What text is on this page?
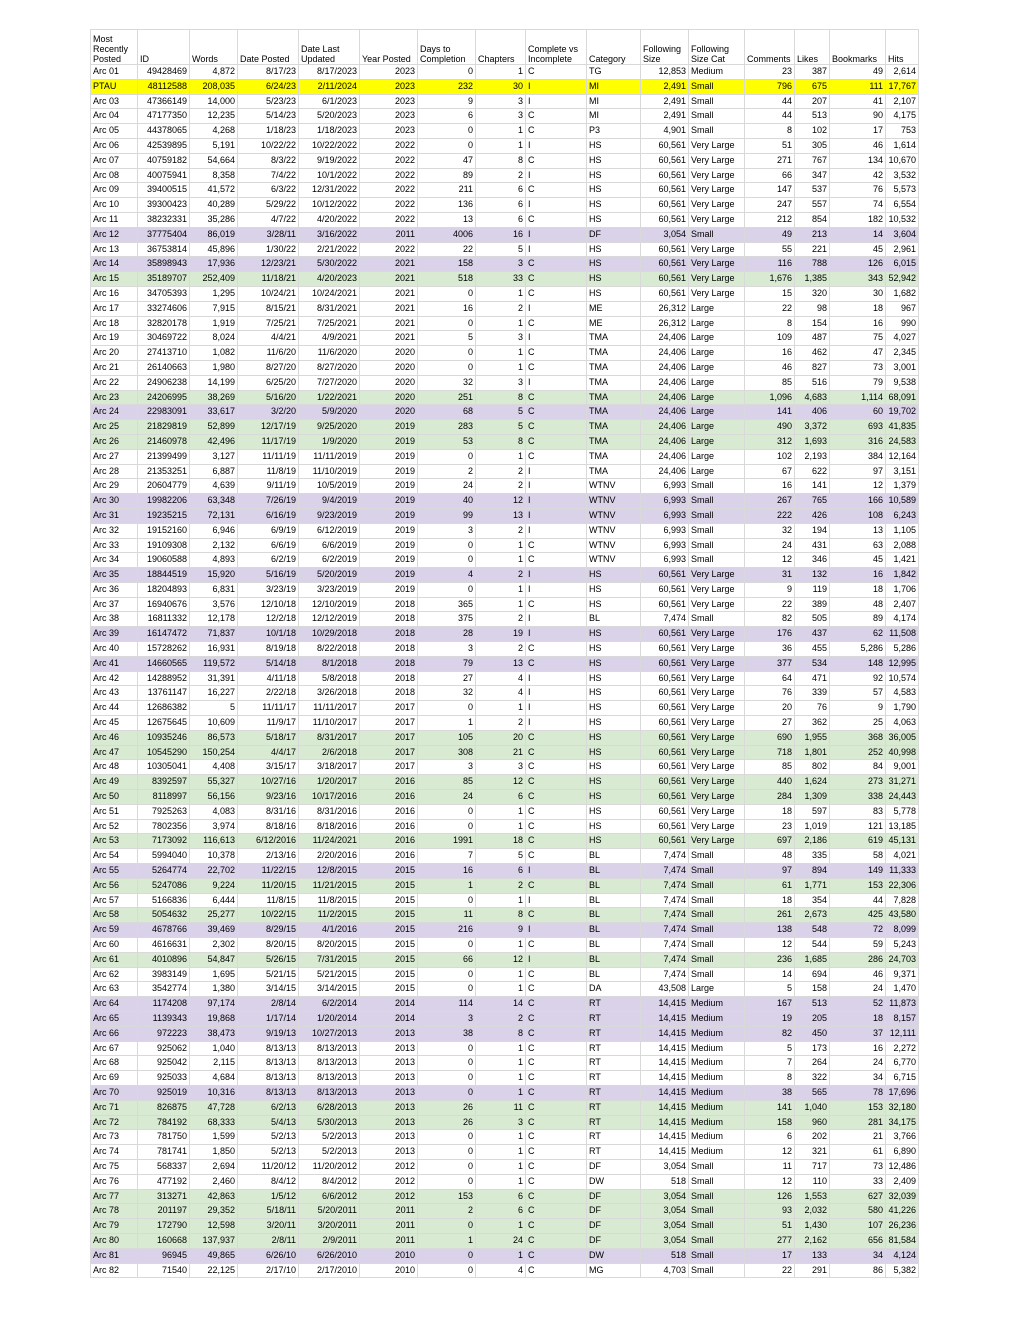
Most Recently Posted	ID	Words	Date Posted	Date Last Updated	Year Posted	Days to Completion	Chapters	Complete vs Incomplete	Category	Following Size	Following Size Cat	Comments	Likes	Bookmarks	Hits
Arc 01	49428469	4,872	8/17/23	8/17/2023	2023	0	1	C	TG	12,853	Medium	23	387	49	2,614
PTAU	48112588	208,035	6/24/23	2/11/2024	2023	232	30	I	MI	2,491	Small	796	675	111	17,767
Arc 03	47366149	14,000	5/23/23	6/1/2023	2023	9	3	I	MI	2,491	Small	44	207	41	2,107
Arc 04	47177350	12,235	5/14/23	5/20/2023	2023	6	3	C	MI	2,491	Small	44	513	90	4,175
Arc 05	44378065	4,268	1/18/23	1/18/2023	2023	0	1	C	P3	4,901	Small	8	102	17	753
Arc 06	42539895	5,191	10/22/22	10/22/2022	2022	0	1	I	HS	60,561	Very Large	51	305	46	1,614
Arc 07	40759182	54,664	8/3/22	9/19/2022	2022	47	8	C	HS	60,561	Very Large	271	767	134	10,670
Arc 08	40075941	8,358	7/4/22	10/1/2022	2022	89	2	I	HS	60,561	Very Large	66	347	42	3,532
Arc 09	39400515	41,572	6/3/22	12/31/2022	2022	211	6	C	HS	60,561	Very Large	147	537	76	5,573
Arc 10	39300423	40,289	5/29/22	10/12/2022	2022	136	6	I	HS	60,561	Very Large	247	557	74	6,554
Arc 11	38232331	35,286	4/7/22	4/20/2022	2022	13	6	C	HS	60,561	Very Large	212	854	182	10,532
Arc 12	37775404	86,019	3/28/11	3/16/2022	2011	4006	16	I	DF	3,054	Small	49	213	14	3,604
Arc 13	36753814	45,896	1/30/22	2/21/2022	2022	22	5	I	HS	60,561	Very Large	55	221	45	2,961
Arc 14	35898943	17,936	12/23/21	5/30/2022	2021	158	3	C	HS	60,561	Very Large	116	788	126	6,015
Arc 15	35189707	252,409	11/18/21	4/20/2023	2021	518	33	C	HS	60,561	Very Large	1,676	1,385	343	52,942
Arc 16	34705393	1,295	10/24/21	10/24/2021	2021	0	1	C	HS	60,561	Very Large	15	320	30	1,682
Arc 17	33274606	7,915	8/15/21	8/31/2021	2021	16	2	I	ME	26,312	Large	22	98	18	967
Arc 18	32820178	1,919	7/25/21	7/25/2021	2021	0	1	C	ME	26,312	Large	8	154	16	990
Arc 19	30469722	8,024	4/4/21	4/9/2021	2021	5	3	I	TMA	24,406	Large	109	487	75	4,027
Arc 20	27413710	1,082	11/6/20	11/6/2020	2020	0	1	C	TMA	24,406	Large	16	462	47	2,345
Arc 21	26140663	1,980	8/27/20	8/27/2020	2020	0	1	C	TMA	24,406	Large	46	827	73	3,001
Arc 22	24906238	14,199	6/25/20	7/27/2020	2020	32	3	I	TMA	24,406	Large	85	516	79	9,538
Arc 23	24206995	38,269	5/16/20	1/22/2021	2020	251	8	C	TMA	24,406	Large	1,096	4,683	1,114	68,091
Arc 24	22983091	33,617	3/2/20	5/9/2020	2020	68	5	C	TMA	24,406	Large	141	406	60	19,702
Arc 25	21829819	52,899	12/17/19	9/25/2020	2019	283	5	C	TMA	24,406	Large	490	3,372	693	41,835
Arc 26	21460978	42,496	11/17/19	1/9/2020	2019	53	8	C	TMA	24,406	Large	312	1,693	316	24,583
Arc 27	21399499	3,127	11/11/19	11/11/2019	2019	0	1	C	TMA	24,406	Large	102	2,193	384	12,164
Arc 28	21353251	6,887	11/8/19	11/10/2019	2019	2	2	I	TMA	24,406	Large	67	622	97	3,151
Arc 29	20604779	4,639	9/11/19	10/5/2019	2019	24	2	I	WTNV	6,993	Small	16	141	12	1,379
Arc 30	19982206	63,348	7/26/19	9/4/2019	2019	40	12	I	WTNV	6,993	Small	267	765	166	10,589
Arc 31	19235215	72,131	6/16/19	9/23/2019	2019	99	13	I	WTNV	6,993	Small	222	426	108	6,243
Arc 32	19152160	6,946	6/9/19	6/12/2019	2019	3	2	I	WTNV	6,993	Small	32	194	13	1,105
Arc 33	19109308	2,132	6/6/19	6/6/2019	2019	0	1	C	WTNV	6,993	Small	24	431	63	2,088
Arc 34	19060588	4,893	6/2/19	6/2/2019	2019	0	1	C	WTNV	6,993	Small	12	346	45	1,421
Arc 35	18844519	15,920	5/16/19	5/20/2019	2019	4	2	I	HS	60,561	Very Large	31	132	16	1,842
Arc 36	18204893	6,831	3/23/19	3/23/2019	2019	0	1	I	HS	60,561	Very Large	9	119	18	1,706
Arc 37	16940676	3,576	12/10/18	12/10/2019	2018	365	1	C	HS	60,561	Very Large	22	389	48	2,407
Arc 38	16811332	12,178	12/2/18	12/12/2019	2018	375	2	I	BL	7,474	Small	82	505	89	4,174
Arc 39	16147472	71,837	10/1/18	10/29/2018	2018	28	19	I	HS	60,561	Very Large	176	437	62	11,508
Arc 40	15728262	16,931	8/19/18	8/22/2018	2018	3	2	C	HS	60,561	Very Large	36	455	5,286	5,286
Arc 41	14660565	119,572	5/14/18	8/1/2018	2018	79	13	C	HS	60,561	Very Large	377	534	148	12,995
Arc 42	14288952	31,391	4/11/18	5/8/2018	2018	27	4	I	HS	60,561	Very Large	64	471	92	10,574
Arc 43	13761147	16,227	2/22/18	3/26/2018	2018	32	4	I	HS	60,561	Very Large	76	339	57	4,583
Arc 44	12686382	5	11/11/17	11/11/2017	2017	0	1	I	HS	60,561	Very Large	20	76	9	1,790
Arc 45	12675645	10,609	11/9/17	11/10/2017	2017	1	2	I	HS	60,561	Very Large	27	362	25	4,063
Arc 46	10935246	86,573	5/18/17	8/31/2017	2017	105	20	C	HS	60,561	Very Large	690	1,955	368	36,005
Arc 47	10545290	150,254	4/4/17	2/6/2018	2017	308	21	C	HS	60,561	Very Large	718	1,801	252	40,998
Arc 48	10305041	4,408	3/15/17	3/18/2017	2017	3	3	C	HS	60,561	Very Large	85	802	84	9,001
Arc 49	8392597	55,327	10/27/16	1/20/2017	2016	85	12	C	HS	60,561	Very Large	440	1,624	273	31,271
Arc 50	8118997	56,156	9/23/16	10/17/2016	2016	24	6	C	HS	60,561	Very Large	284	1,309	338	24,443
Arc 51	7925263	4,083	8/31/16	8/31/2016	2016	0	1	C	HS	60,561	Very Large	18	597	83	5,778
Arc 52	7802356	3,974	8/18/16	8/18/2016	2016	0	1	C	HS	60,561	Very Large	23	1,019	121	13,185
Arc 53	7173092	116,613	6/12/2016	11/24/2021	2016	1991	18	C	HS	60,561	Very Large	697	2,186	619	45,131
Arc 54	5994040	10,378	2/13/16	2/20/2016	2016	7	5	C	BL	7,474	Small	48	335	58	4,021
Arc 55	5264774	22,702	11/22/15	12/8/2015	2015	16	6	I	BL	7,474	Small	97	894	149	11,333
Arc 56	5247086	9,224	11/20/15	11/21/2015	2015	1	2	C	BL	7,474	Small	61	1,771	153	22,306
Arc 57	5166836	6,444	11/8/15	11/8/2015	2015	0	1	I	BL	7,474	Small	18	354	44	7,828
Arc 58	5054632	25,277	10/22/15	11/2/2015	2015	11	8	C	BL	7,474	Small	261	2,673	425	43,580
Arc 59	4678766	39,469	8/29/15	4/1/2016	2015	216	9	I	BL	7,474	Small	138	548	72	8,099
Arc 60	4616631	2,302	8/20/15	8/20/2015	2015	0	1	C	BL	7,474	Small	12	544	59	5,243
Arc 61	4010896	54,847	5/26/15	7/31/2015	2015	66	12	I	BL	7,474	Small	236	1,685	286	24,703
Arc 62	3983149	1,695	5/21/15	5/21/2015	2015	0	1	C	BL	7,474	Small	14	694	46	9,371
Arc 63	3542774	1,380	3/14/15	3/14/2015	2015	0	1	C	DA	43,508	Large	5	158	24	1,470
Arc 64	1174208	97,174	2/8/14	6/2/2014	2014	114	14	C	RT	14,415	Medium	167	513	52	11,873
Arc 65	1139343	19,868	1/17/14	1/20/2014	2014	3	2	C	RT	14,415	Medium	19	205	18	8,157
Arc 66	972223	38,473	9/19/13	10/27/2013	2013	38	8	C	RT	14,415	Medium	82	450	37	12,111
Arc 67	925062	1,040	8/13/13	8/13/2013	2013	0	1	C	RT	14,415	Medium	5	173	16	2,272
Arc 68	925042	2,115	8/13/13	8/13/2013	2013	0	1	C	RT	14,415	Medium	7	264	24	6,770
Arc 69	925033	4,684	8/13/13	8/13/2013	2013	0	1	C	RT	14,415	Medium	8	322	34	6,715
Arc 70	925019	10,316	8/13/13	8/13/2013	2013	0	1	C	RT	14,415	Medium	38	565	78	17,696
Arc 71	826875	47,728	6/2/13	6/28/2013	2013	26	11	C	RT	14,415	Medium	141	1,040	153	32,180
Arc 72	784192	68,333	5/4/13	5/30/2013	2013	26	3	C	RT	14,415	Medium	158	960	281	34,175
Arc 73	781750	1,599	5/2/13	5/2/2013	2013	0	1	C	RT	14,415	Medium	6	202	21	3,766
Arc 74	781741	1,850	5/2/13	5/2/2013	2013	0	1	C	RT	14,415	Medium	12	321	61	6,890
Arc 75	568337	2,694	11/20/12	11/20/2012	2012	0	1	C	DF	3,054	Small	11	717	73	12,486
Arc 76	477192	2,460	8/4/12	8/4/2012	2012	0	1	C	DW	518	Small	12	110	33	2,409
Arc 77	313271	42,863	1/5/12	6/6/2012	2012	153	6	C	DF	3,054	Small	126	1,553	627	32,039
Arc 78	201197	29,352	5/18/11	5/20/2011	2011	2	6	C	DF	3,054	Small	93	2,032	580	41,226
Arc 79	172790	12,598	3/20/11	3/20/2011	2011	0	1	C	DF	3,054	Small	51	1,430	107	26,236
Arc 80	160668	137,937	2/8/11	2/9/2011	2011	1	24	C	DF	3,054	Small	277	2,162	656	81,584
Arc 81	96945	49,865	6/26/10	6/26/2010	2010	0	1	C	DW	518	Small	17	133	34	4,124
Arc 82	71540	22,125	2/17/10	2/17/2010	2010	0	4	C	MG	4,703	Small	22	291	86	5,382
